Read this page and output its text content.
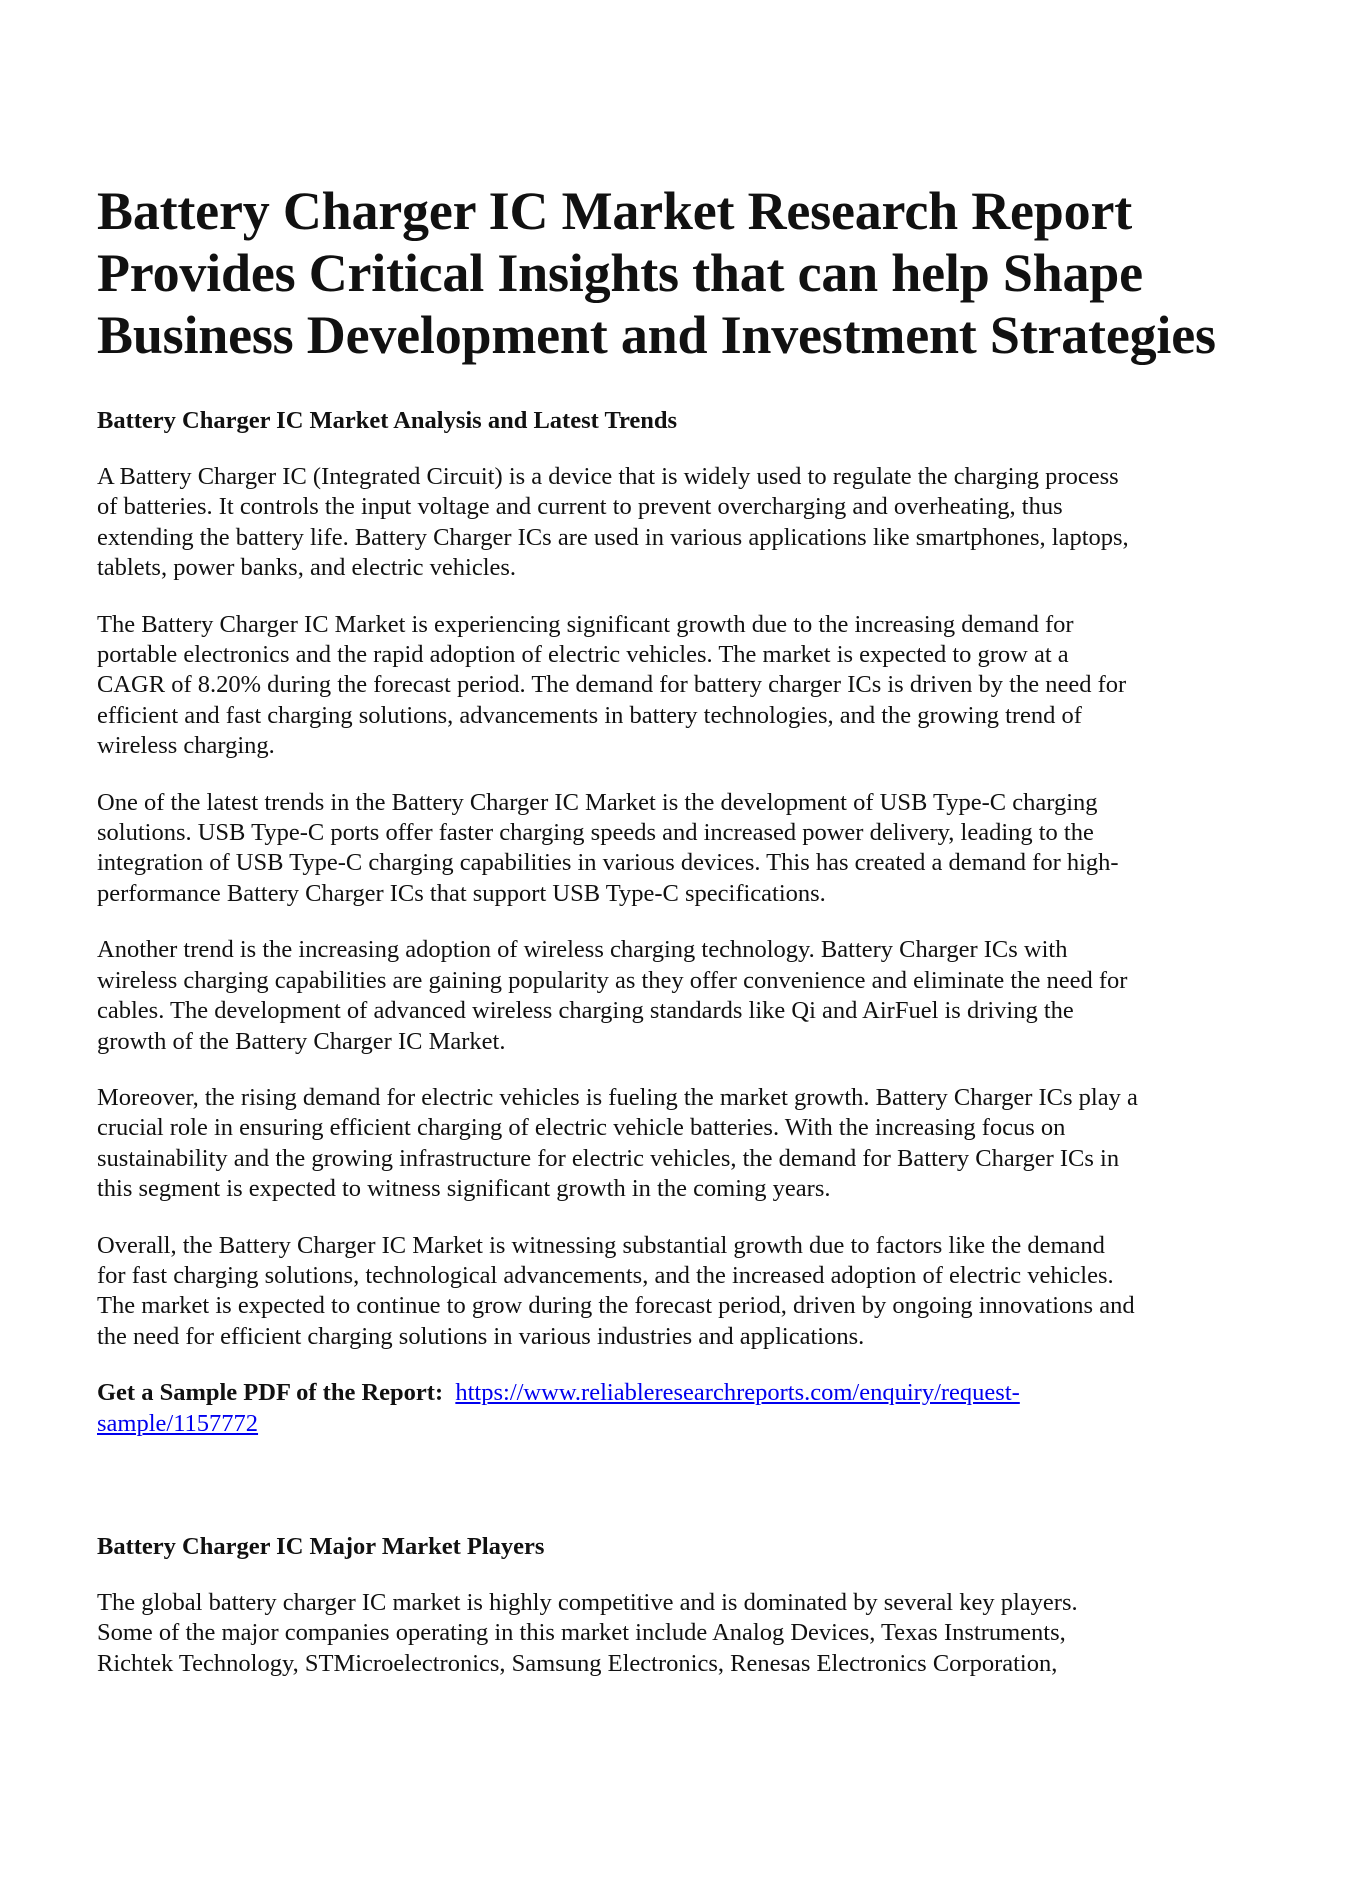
Battery Charger IC Market Research Report
Provides Critical Insights that can help Shape
Business Development and Investment Strategies
Battery Charger IC Market Analysis and Latest Trends

A Battery Charger IC (Integrated Circuit) is a device that is widely used to regulate the charging process
of batteries. It controls the input voltage and current to prevent overcharging and overheating, thus
extending the battery life. Battery Charger ICs are used in various applications like smartphones, laptops,
tablets, power banks, and electric vehicles.

The Battery Charger IC Market is experiencing significant growth due to the increasing demand for
portable electronics and the rapid adoption of electric vehicles. The market is expected to grow at a
CAGR of 8.20% during the forecast period. The demand for battery charger ICs is driven by the need for
efficient and fast charging solutions, advancements in battery technologies, and the growing trend of
wireless charging.

One of the latest trends in the Battery Charger IC Market is the development of USB Type-C charging
solutions. USB Type-C ports offer faster charging speeds and increased power delivery, leading to the
integration of USB Type-C charging capabilities in various devices. This has created a demand for high-
performance Battery Charger ICs that support USB Type-C specifications.

Another trend is the increasing adoption of wireless charging technology. Battery Charger ICs with
wireless charging capabilities are gaining popularity as they offer convenience and eliminate the need for
cables. The development of advanced wireless charging standards like Qi and AirFuel is driving the
growth of the Battery Charger IC Market.

Moreover, the rising demand for electric vehicles is fueling the market growth. Battery Charger ICs play a
crucial role in ensuring efficient charging of electric vehicle batteries. With the increasing focus on
sustainability and the growing infrastructure for electric vehicles, the demand for Battery Charger ICs in
this segment is expected to witness significant growth in the coming years.

Overall, the Battery Charger IC Market is witnessing substantial growth due to factors like the demand
for fast charging solutions, technological advancements, and the increased adoption of electric vehicles.
The market is expected to continue to grow during the forecast period, driven by ongoing innovations and
the need for efficient charging solutions in various industries and applications.

Get a Sample PDF of the Report: https://www.reliableresearchreports.com/enquiry/request-
sample/1157772

Battery Charger IC Major Market Players

The global battery charger IC market is highly competitive and is dominated by several key players.
Some of the major companies operating in this market include Analog Devices, Texas Instruments,
Richtek Technology, STMicroelectronics, Samsung Electronics, Renesas Electronics Corporation,
